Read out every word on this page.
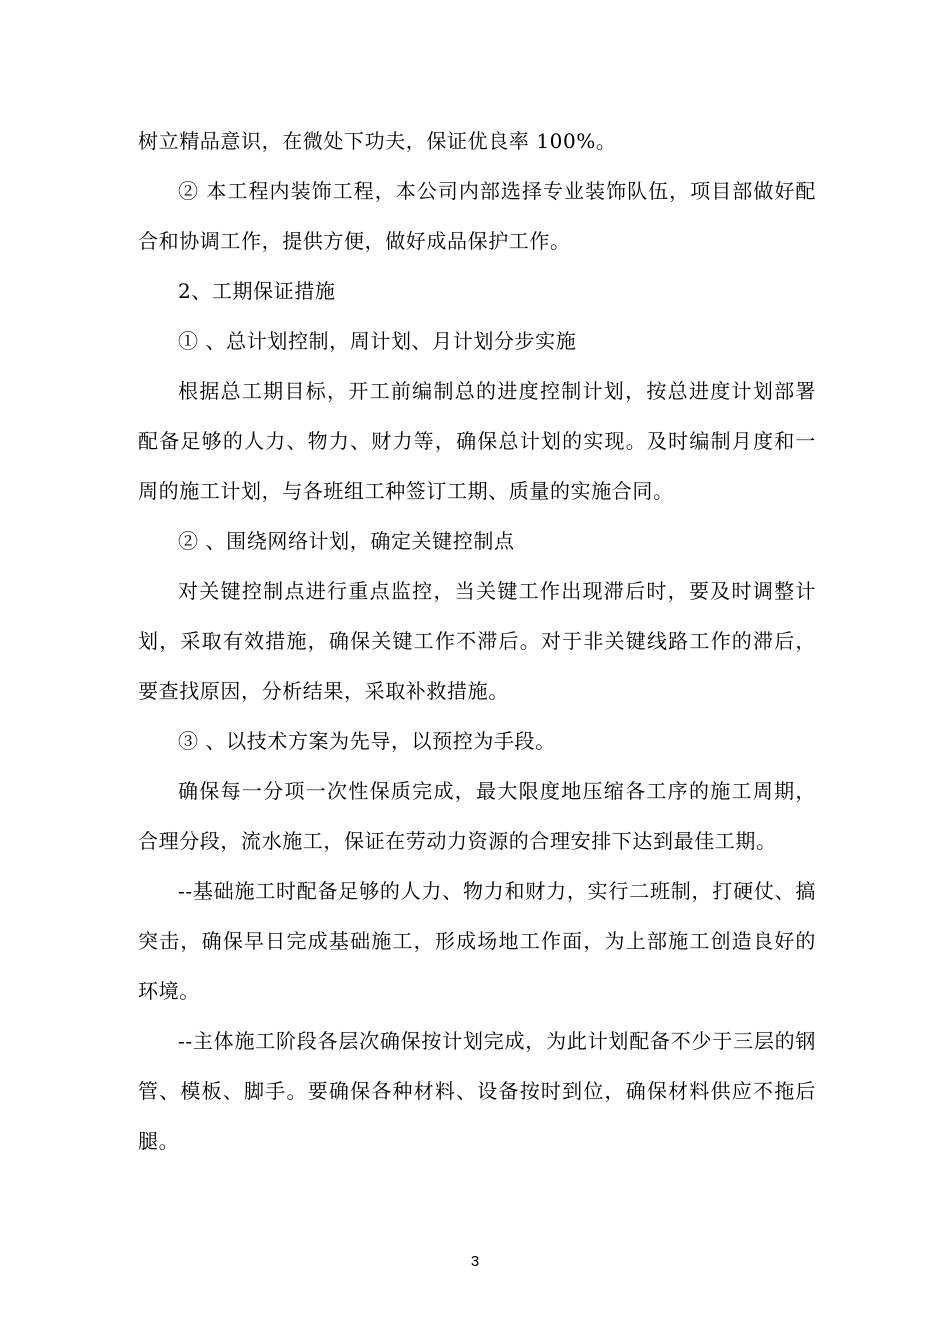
树立精品意识，在微处下功夫，保证优良率 100%。

② 本工程内装饰工程，本公司内部选择专业装饰队伍，项目部做好配合和协调工作，提供方便，做好成品保护工作。

2、工期保证措施

① 、总计划控制，周计划、月计划分步实施

根据总工期目标，开工前编制总的进度控制计划，按总进度计划部署配备足够的人力、物力、财力等，确保总计划的实现。及时编制月度和一周的施工计划，与各班组工种签订工期、质量的实施合同。

② 、围绕网络计划，确定关键控制点

对关键控制点进行重点监控，当关键工作出现滞后时，要及时调整计划，采取有效措施，确保关键工作不滞后。对于非关键线路工作的滞后，要查找原因，分析结果，采取补救措施。

③ 、以技术方案为先导，以预控为手段。

确保每一分项一次性保质完成，最大限度地压缩各工序的施工周期，合理分段，流水施工，保证在劳动力资源的合理安排下达到最佳工期。

--基础施工时配备足够的人力、物力和财力，实行二班制，打硬仗、搞突击，确保早日完成基础施工，形成场地工作面，为上部施工创造良好的环境。

--主体施工阶段各层次确保按计划完成，为此计划配备不少于三层的钢管、模板、脚手。要确保各种材料、设备按时到位，确保材料供应不拖后腿。

3
